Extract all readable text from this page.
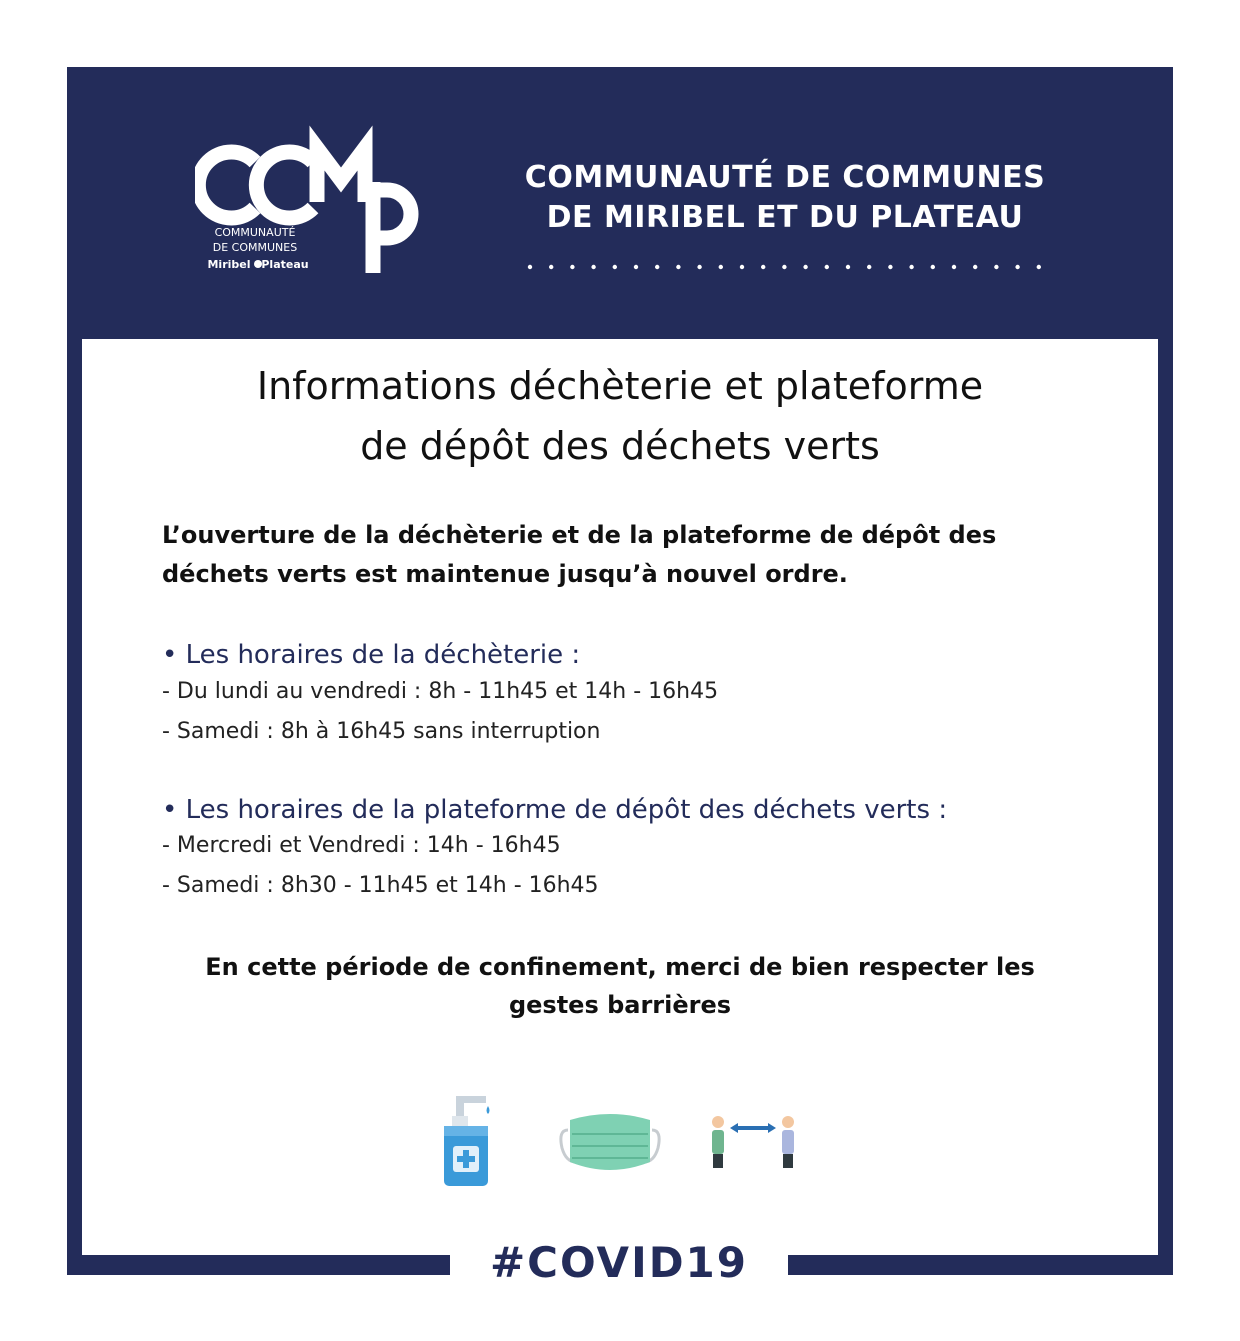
COMMUNAUTÉ
DE COMMUNES
Miribel Plateau
COMMUNAUTÉ DE COMMUNES
DE MIRIBEL ET DU PLATEAU
Informations déchèterie et plateforme
de dépôt des déchets verts
L’ouverture de la déchèterie et de la plateforme de dépôt des
déchets verts est maintenue jusqu’à nouvel ordre.
• Les horaires de la déchèterie :
- Du lundi au vendredi : 8h - 11h45 et 14h - 16h45
- Samedi : 8h à 16h45 sans interruption
• Les horaires de la plateforme de dépôt des déchets verts :
- Mercredi et Vendredi : 14h - 16h45
- Samedi : 8h30 - 11h45 et 14h - 16h45
En cette période de confinement, merci de bien respecter les
gestes barrières
#COVID19
